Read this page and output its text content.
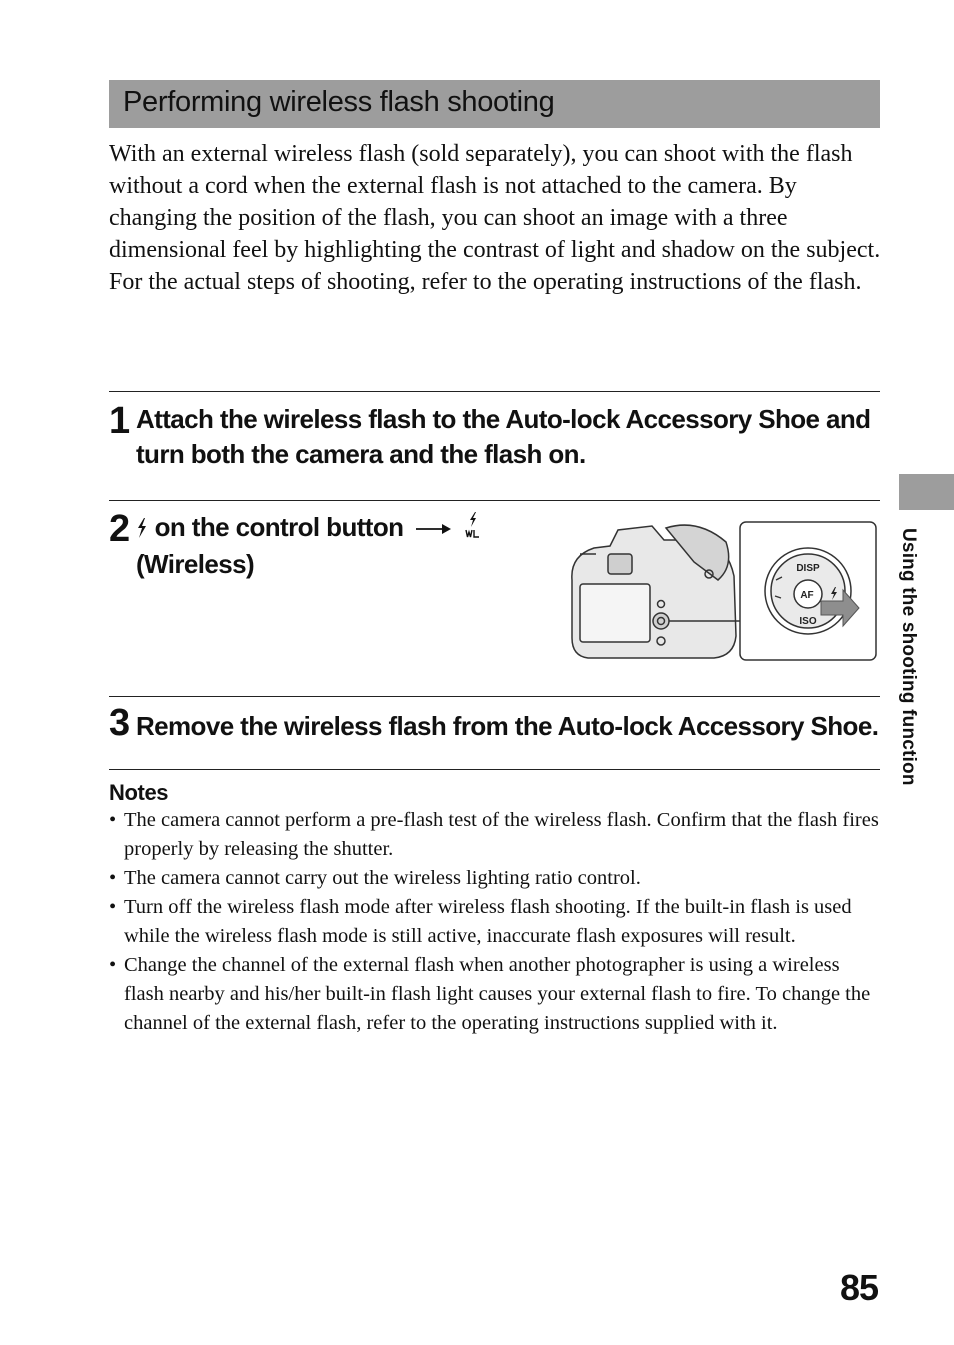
Performing wireless flash shooting

With an external wireless flash (sold separately), you can shoot with the flash without a cord when the external flash is not attached to the camera. By changing the position of the flash, you can shoot an image with a three dimensional feel by highlighting the contrast of light and shadow on the subject.

For the actual steps of shooting, refer to the operating instructions of the flash.

1 Attach the wireless flash to the Auto-lock Accessory Shoe and turn both the camera and the flash on.
2 on the control button
(Wireless)	DISP
AF
ISO
3 Remove the wireless flash from the Auto-lock Accessory Shoe.
Notes
• The camera cannot perform a pre-flash test of the wireless flash. Confirm that the flash fires properly by releasing the shutter.
• The camera cannot carry out the wireless lighting ratio control.
• Turn off the wireless flash mode after wireless flash shooting. If the built-in flash is used while the wireless flash mode is still active, inaccurate flash exposures will result.
• Change the channel of the external flash when another photographer is using a wireless flash nearby and his/her built-in flash light causes your external flash to fire. To change the channel of the external flash, refer to the operating instructions supplied with it.
Using the shooting function
85
